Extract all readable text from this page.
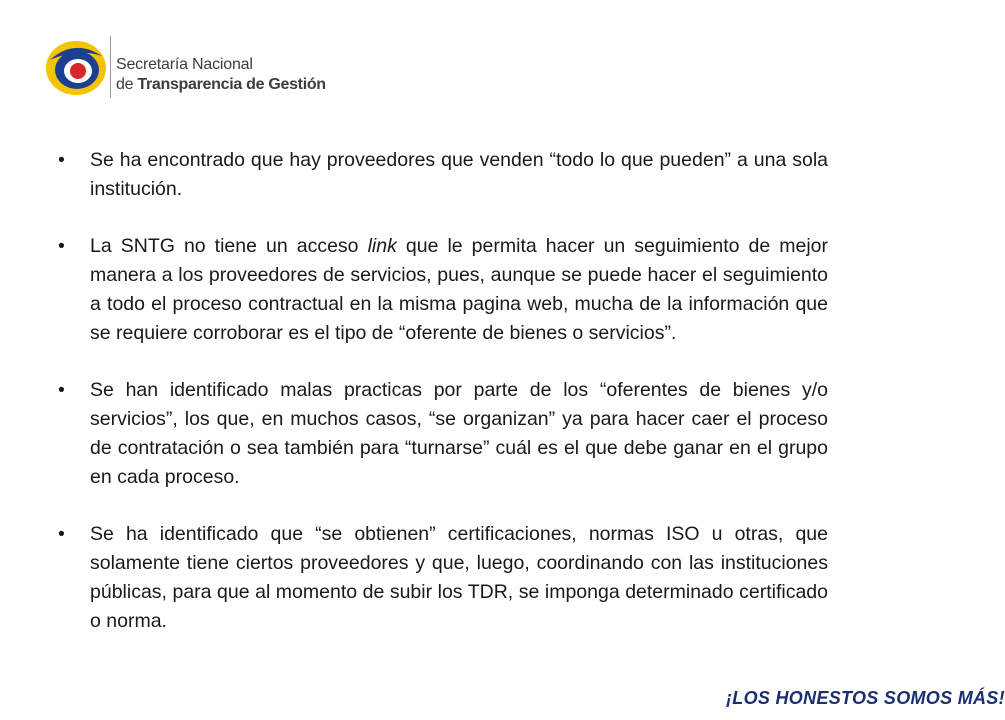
Secretaría Nacional
de Transparencia de Gestión

• Se ha encontrado que hay proveedores que venden “todo lo que pueden” a una sola institución.

• La SNTG no tiene un acceso link que le permita hacer un seguimiento de mejor manera a los proveedores de servicios, pues, aunque se puede hacer el seguimiento a todo el proceso contractual en la misma pagina web, mucha de la información que se requiere corroborar es el tipo de “oferente de bienes o servicios”.

• Se han identificado malas practicas por parte de los “oferentes de bienes y/o servicios”, los que, en muchos casos, “se organizan” ya para hacer caer el proceso de contratación o sea también para “turnarse” cuál es el que debe ganar en el grupo en cada proceso.

• Se ha identificado que “se obtienen” certificaciones, normas ISO u otras, que solamente tiene ciertos proveedores y que, luego, coordinando con las instituciones públicas, para que al momento de subir los TDR, se imponga determinado certificado o norma.

¡LOS HONESTOS SOMOS MÁS!
